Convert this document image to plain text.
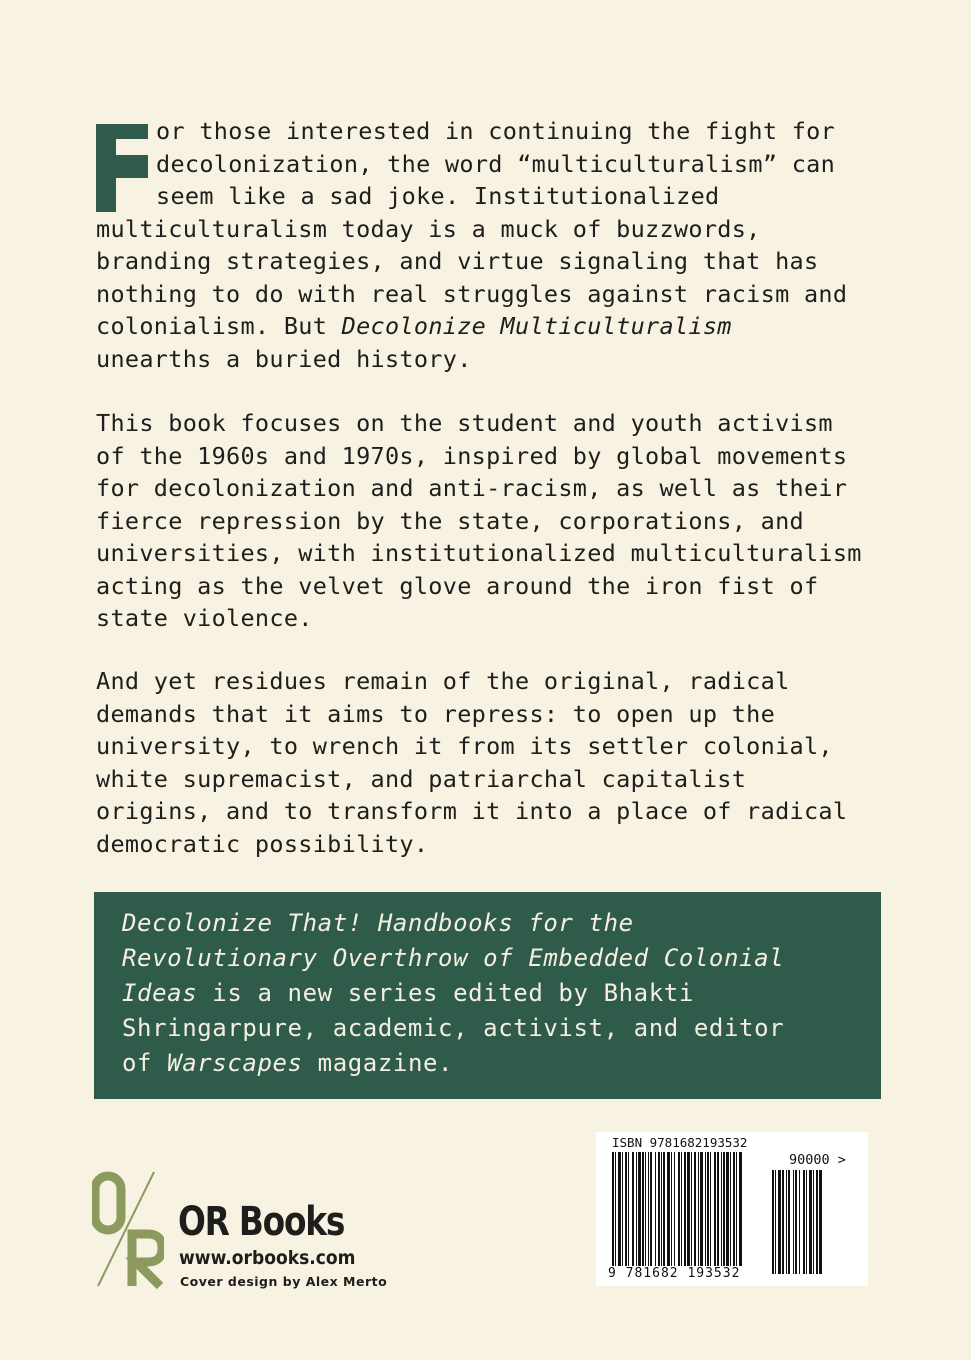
or those interested in continuing the fight for
decolonization, the word “multiculturalism” can
seem like a sad joke. Institutionalized
multiculturalism today is a muck of buzzwords,
branding strategies, and virtue signaling that has
nothing to do with real struggles against racism and
colonialism. But Decolonize Multiculturalism
unearths a buried history.

This book focuses on the student and youth activism
of the 1960s and 1970s, inspired by global movements
for decolonization and anti-racism, as well as their
fierce repression by the state, corporations, and
universities, with institutionalized multiculturalism
acting as the velvet glove around the iron fist of
state violence.

And yet residues remain of the original, radical
demands that it aims to repress: to open up the
university, to wrench it from its settler colonial,
white supremacist, and patriarchal capitalist
origins, and to transform it into a place of radical
democratic possibility.

Decolonize That! Handbooks for the
Revolutionary Overthrow of Embedded Colonial
Ideas is a new series edited by Bhakti
Shringarpure, academic, activist, and editor
of Warscapes magazine.
OR Books
www.orbooks.com
Cover design by Alex Merto
ISBN 9781682193532
90000 >
9 781682 193532
